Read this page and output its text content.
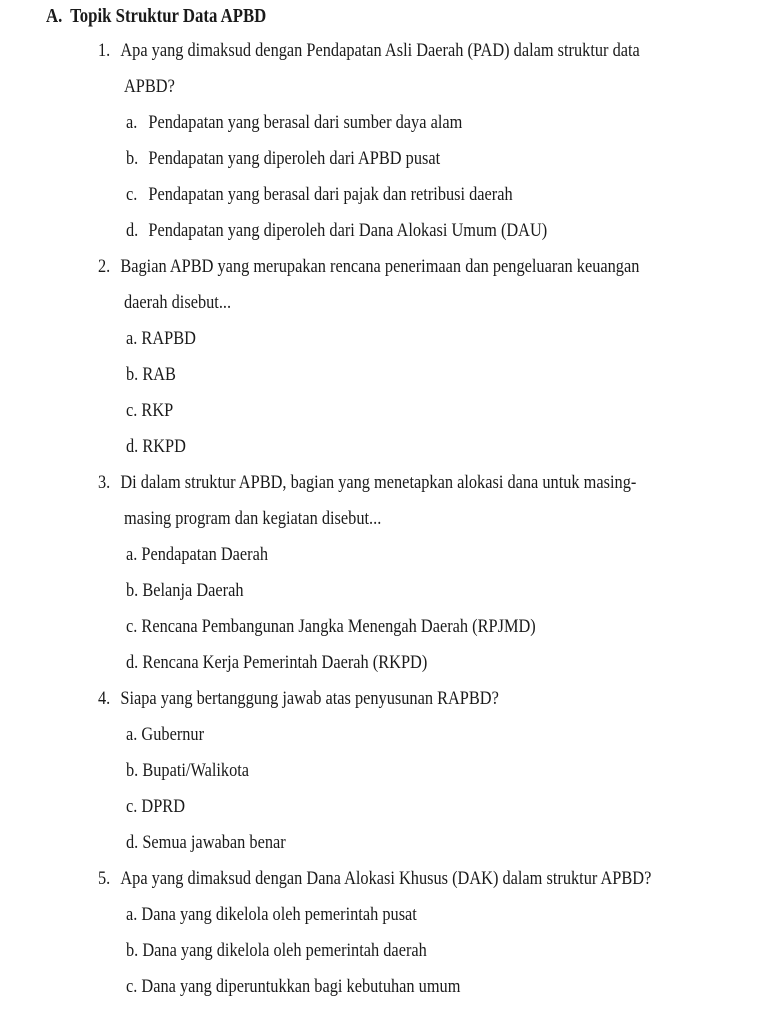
A. Topik Struktur Data APBD
1. Apa yang dimaksud dengan Pendapatan Asli Daerah (PAD) dalam struktur data
APBD?
a. Pendapatan yang berasal dari sumber daya alam
b. Pendapatan yang diperoleh dari APBD pusat
c. Pendapatan yang berasal dari pajak dan retribusi daerah
d. Pendapatan yang diperoleh dari Dana Alokasi Umum (DAU)
2. Bagian APBD yang merupakan rencana penerimaan dan pengeluaran keuangan
daerah disebut...
a. RAPBD
b. RAB
c. RKP
d. RKPD
3. Di dalam struktur APBD, bagian yang menetapkan alokasi dana untuk masing-
masing program dan kegiatan disebut...
a. Pendapatan Daerah
b. Belanja Daerah
c. Rencana Pembangunan Jangka Menengah Daerah (RPJMD)
d. Rencana Kerja Pemerintah Daerah (RKPD)
4. Siapa yang bertanggung jawab atas penyusunan RAPBD?
a. Gubernur
b. Bupati/Walikota
c. DPRD
d. Semua jawaban benar
5. Apa yang dimaksud dengan Dana Alokasi Khusus (DAK) dalam struktur APBD?
a. Dana yang dikelola oleh pemerintah pusat
b. Dana yang dikelola oleh pemerintah daerah
c. Dana yang diperuntukkan bagi kebutuhan umum
